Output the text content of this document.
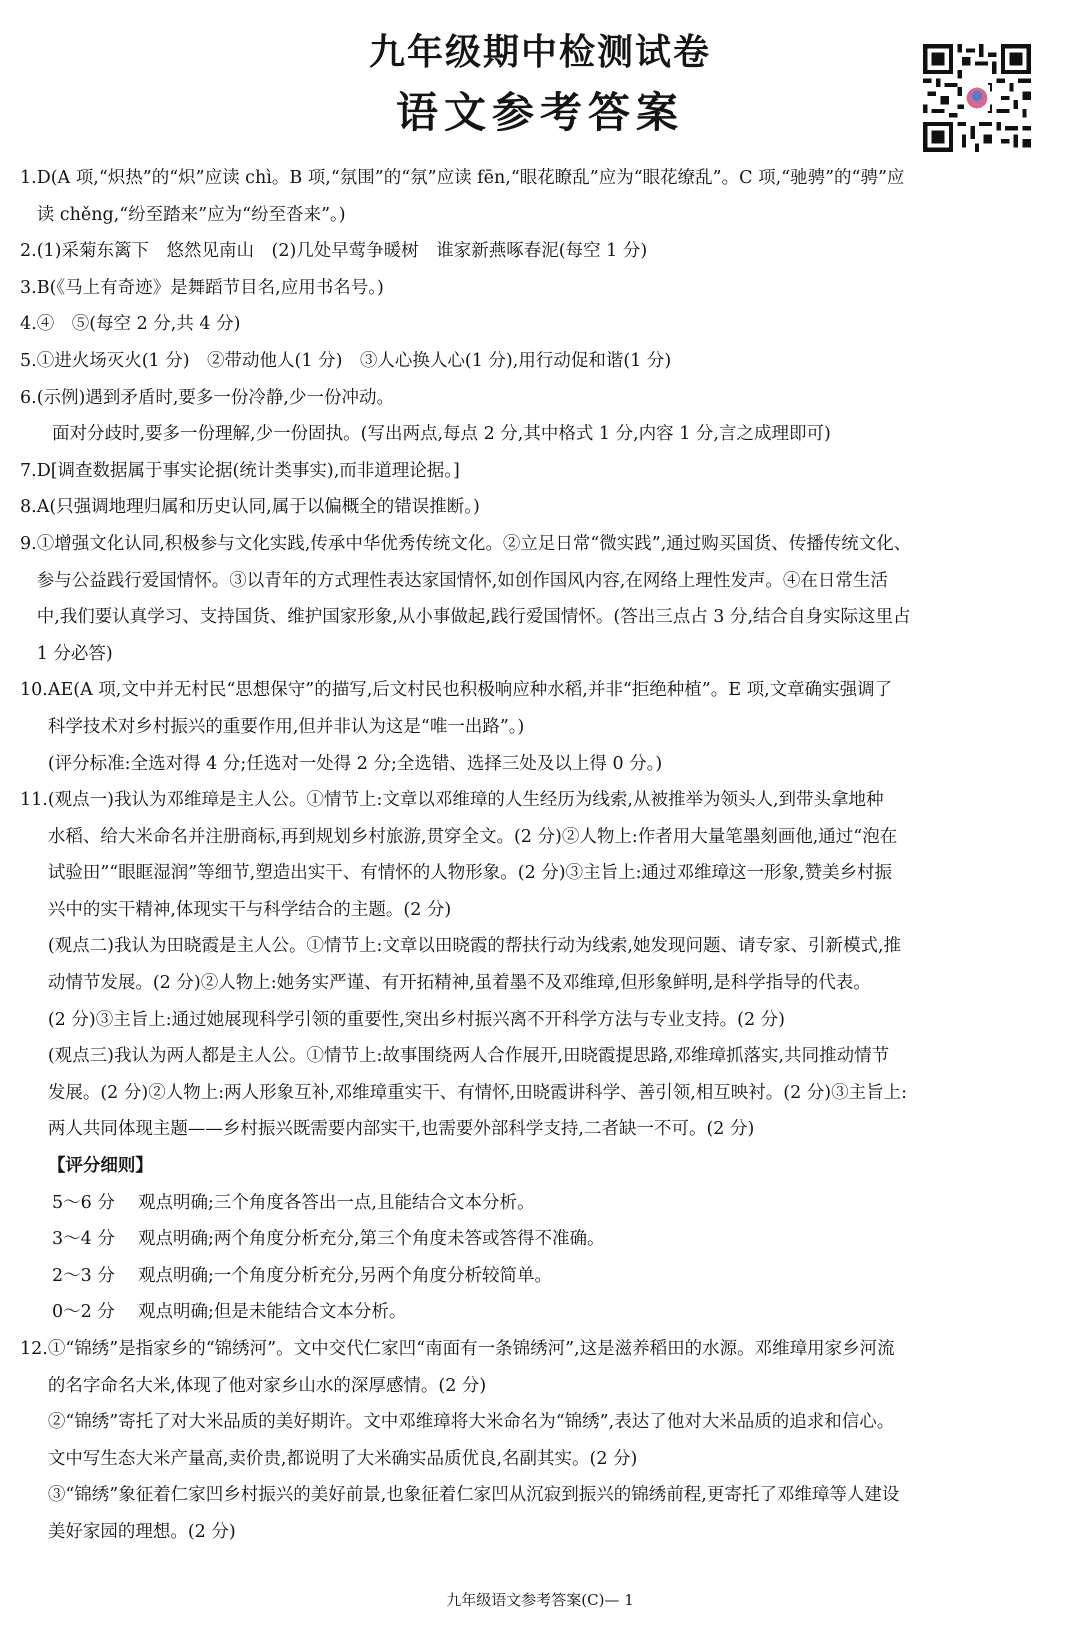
九年级期中检测试卷
语文参考答案
1. D(A 项,“炽热”的“炽”应读 chì。B 项,“氛围”的“氛”应读 fēn,“眼花瞭乱”应为“眼花缭乱”。C 项,“驰骋”的“骋”应
读 chěng,“纷至踏来”应为“纷至沓来”。)
2. (1)采菊东篱下　悠然见南山　(2)几处早莺争暖树　谁家新燕啄春泥(每空 1 分)
3. B(《马上有奇迹》是舞蹈节目名,应用书名号。)
4. ④　⑤(每空 2 分,共 4 分)
5. ①进火场灭火(1 分)　②带动他人(1 分)　③人心换人心(1 分),用行动促和谐(1 分)
6. (示例)遇到矛盾时,要多一份冷静,少一份冲动。
面对分歧时,要多一份理解,少一份固执。(写出两点,每点 2 分,其中格式 1 分,内容 1 分,言之成理即可)
7. D[调查数据属于事实论据(统计类事实),而非道理论据。]
8. A(只强调地理归属和历史认同,属于以偏概全的错误推断。)
9. ①增强文化认同,积极参与文化实践,传承中华优秀传统文化。②立足日常“微实践”,通过购买国货、传播传统文化、
参与公益践行爱国情怀。③以青年的方式理性表达家国情怀,如创作国风内容,在网络上理性发声。④在日常生活
中,我们要认真学习、支持国货、维护国家形象,从小事做起,践行爱国情怀。(答出三点占 3 分,结合自身实际这里占
1 分必答)
10. AE(A 项,文中并无村民“思想保守”的描写,后文村民也积极响应种水稻,并非“拒绝种植”。E 项,文章确实强调了
科学技术对乡村振兴的重要作用,但并非认为这是“唯一出路”。)
(评分标准:全选对得 4 分;任选对一处得 2 分;全选错、选择三处及以上得 0 分。)
11. (观点一)我认为邓维璋是主人公。①情节上:文章以邓维璋的人生经历为线索,从被推举为领头人,到带头拿地种
水稻、给大米命名并注册商标,再到规划乡村旅游,贯穿全文。(2 分)②人物上:作者用大量笔墨刻画他,通过“泡在
试验田”“眼眶湿润”等细节,塑造出实干、有情怀的人物形象。(2 分)③主旨上:通过邓维璋这一形象,赞美乡村振
兴中的实干精神,体现实干与科学结合的主题。(2 分)
(观点二)我认为田晓霞是主人公。①情节上:文章以田晓霞的帮扶行动为线索,她发现问题、请专家、引新模式,推
动情节发展。(2 分)②人物上:她务实严谨、有开拓精神,虽着墨不及邓维璋,但形象鲜明,是科学指导的代表。
(2 分)③主旨上:通过她展现科学引领的重要性,突出乡村振兴离不开科学方法与专业支持。(2 分)
(观点三)我认为两人都是主人公。①情节上:故事围绕两人合作展开,田晓霞提思路,邓维璋抓落实,共同推动情节
发展。(2 分)②人物上:两人形象互补,邓维璋重实干、有情怀,田晓霞讲科学、善引领,相互映衬。(2 分)③主旨上:
两人共同体现主题——乡村振兴既需要内部实干,也需要外部科学支持,二者缺一不可。(2 分)
【评分细则】
5～6 分 观点明确;三个角度各答出一点,且能结合文本分析。
3～4 分 观点明确;两个角度分析充分,第三个角度未答或答得不准确。
2～3 分 观点明确;一个角度分析充分,另两个角度分析较简单。
0～2 分 观点明确;但是未能结合文本分析。
12. ①“锦绣”是指家乡的“锦绣河”。文中交代仁家凹“南面有一条锦绣河”,这是滋养稻田的水源。邓维璋用家乡河流
的名字命名大米,体现了他对家乡山水的深厚感情。(2 分)
②“锦绣”寄托了对大米品质的美好期许。文中邓维璋将大米命名为“锦绣”,表达了他对大米品质的追求和信心。
文中写生态大米产量高,卖价贵,都说明了大米确实品质优良,名副其实。(2 分)
③“锦绣”象征着仁家凹乡村振兴的美好前景,也象征着仁家凹从沉寂到振兴的锦绣前程,更寄托了邓维璋等人建设
美好家园的理想。(2 分)
九年级语文参考答案(C)— 1
